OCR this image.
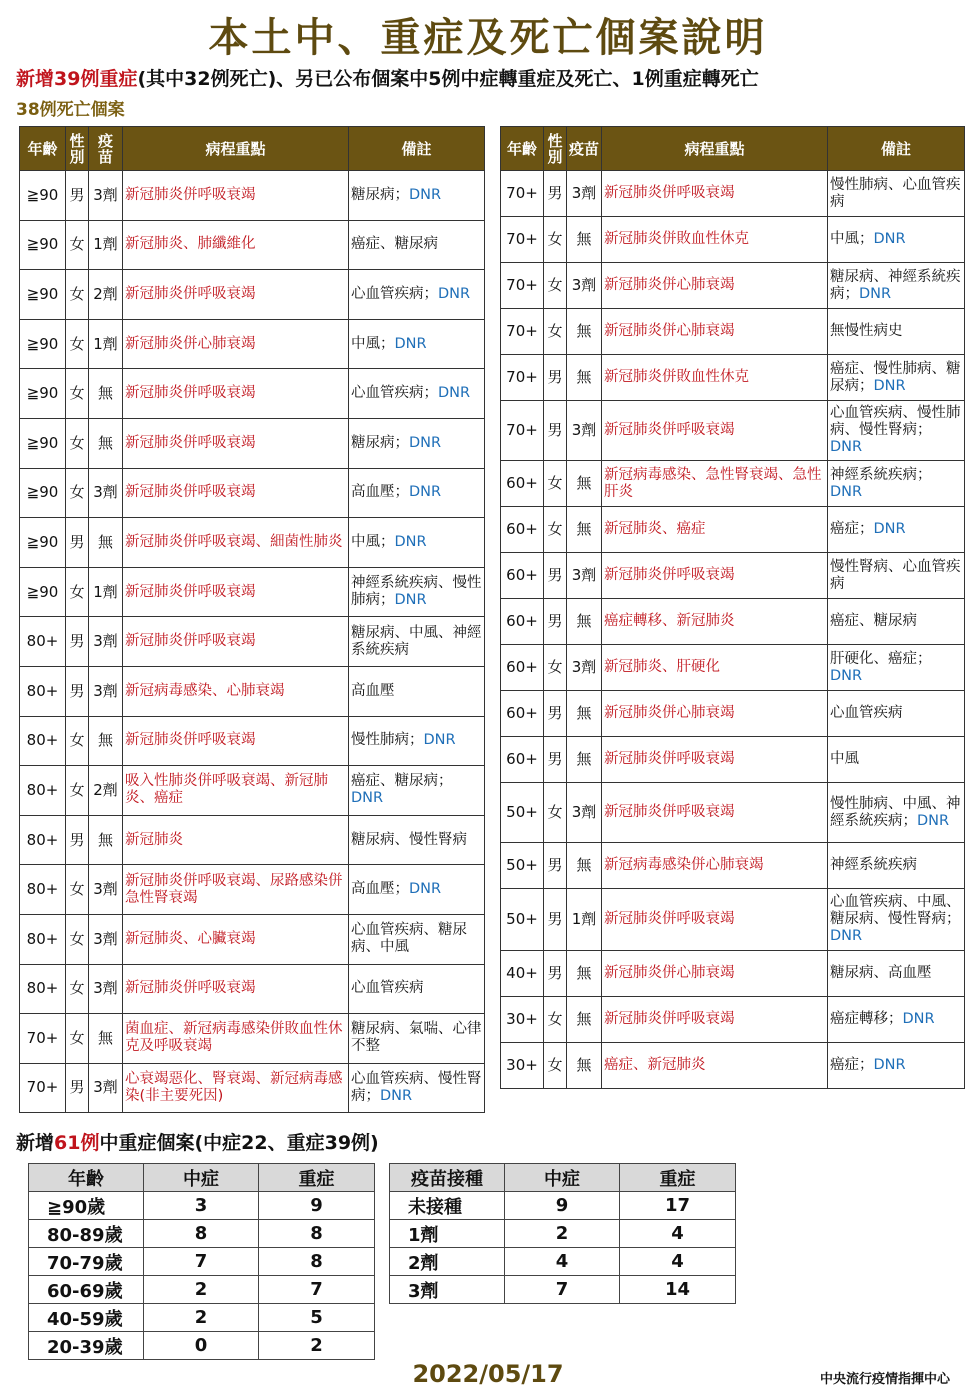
本土中、重症及死亡個案說明
新增39例重症(其中32例死亡)、另已公布個案中5例中症轉重症及死亡、1例重症轉死亡
38例死亡個案
年齡	性別	疫苗	病程重點	備註
≧90	男	3劑	新冠肺炎併呼吸衰竭	糖尿病；DNR
≧90	女	1劑	新冠肺炎、肺纖維化	癌症、糖尿病
≧90	女	2劑	新冠肺炎併呼吸衰竭	心血管疾病；DNR
≧90	女	1劑	新冠肺炎併心肺衰竭	中風；DNR
≧90	女	無	新冠肺炎併呼吸衰竭	心血管疾病；DNR
≧90	女	無	新冠肺炎併呼吸衰竭	糖尿病；DNR
≧90	女	3劑	新冠肺炎併呼吸衰竭	高血壓；DNR
≧90	男	無	新冠肺炎併呼吸衰竭、細菌性肺炎	中風；DNR
≧90	女	1劑	新冠肺炎併呼吸衰竭	神經系統疾病、慢性肺病；DNR
80+	男	3劑	新冠肺炎併呼吸衰竭	糖尿病、中風、神經系統疾病
80+	男	3劑	新冠病毒感染、心肺衰竭	高血壓
80+	女	無	新冠肺炎併呼吸衰竭	慢性肺病；DNR
80+	女	2劑	吸入性肺炎併呼吸衰竭、新冠肺炎、癌症	癌症、糖尿病；DNR
80+	男	無	新冠肺炎	糖尿病、慢性腎病
80+	女	3劑	新冠肺炎併呼吸衰竭、尿路感染併急性腎衰竭	高血壓；DNR
80+	女	3劑	新冠肺炎、心臟衰竭	心血管疾病、糖尿病、中風
80+	女	3劑	新冠肺炎併呼吸衰竭	心血管疾病
70+	女	無	菌血症、新冠病毒感染併敗血性休克及呼吸衰竭	糖尿病、氣喘、心律不整
70+	男	3劑	心衰竭惡化、腎衰竭、新冠病毒感染(非主要死因)	心血管疾病、慢性腎病；DNR
年齡	性別	疫苗	病程重點	備註
70+	男	3劑	新冠肺炎併呼吸衰竭	慢性肺病、心血管疾病
70+	女	無	新冠肺炎併敗血性休克	中風；DNR
70+	女	3劑	新冠肺炎併心肺衰竭	糖尿病、神經系統疾病；DNR
70+	女	無	新冠肺炎併心肺衰竭	無慢性病史
70+	男	無	新冠肺炎併敗血性休克	癌症、慢性肺病、糖尿病；DNR
70+	男	3劑	新冠肺炎併呼吸衰竭	心血管疾病、慢性肺病、慢性腎病；DNR
60+	女	無	新冠病毒感染、急性腎衰竭、急性肝炎	神經系統疾病；DNR
60+	女	無	新冠肺炎、癌症	癌症；DNR
60+	男	3劑	新冠肺炎併呼吸衰竭	慢性腎病、心血管疾病
60+	男	無	癌症轉移、新冠肺炎	癌症、糖尿病
60+	女	3劑	新冠肺炎、肝硬化	肝硬化、癌症；DNR
60+	男	無	新冠肺炎併心肺衰竭	心血管疾病
60+	男	無	新冠肺炎併呼吸衰竭	中風
50+	女	3劑	新冠肺炎併呼吸衰竭	慢性肺病、中風、神經系統疾病；DNR
50+	男	無	新冠病毒感染併心肺衰竭	神經系統疾病
50+	男	1劑	新冠肺炎併呼吸衰竭	心血管疾病、中風、糖尿病、慢性腎病；DNR
40+	男	無	新冠肺炎併心肺衰竭	糖尿病、高血壓
30+	女	無	新冠肺炎併呼吸衰竭	癌症轉移；DNR
30+	女	無	癌症、新冠肺炎	癌症；DNR
新增61例中重症個案(中症22、重症39例)
年齡	中症	重症
≧90歲	3	9
80-89歲	8	8
70-79歲	7	8
60-69歲	2	7
40-59歲	2	5
20-39歲	0	2
疫苗接種	中症	重症
未接種	9	17
1劑	2	4
2劑	4	4
3劑	7	14
2022/05/17	中央流行疫情指揮中心
